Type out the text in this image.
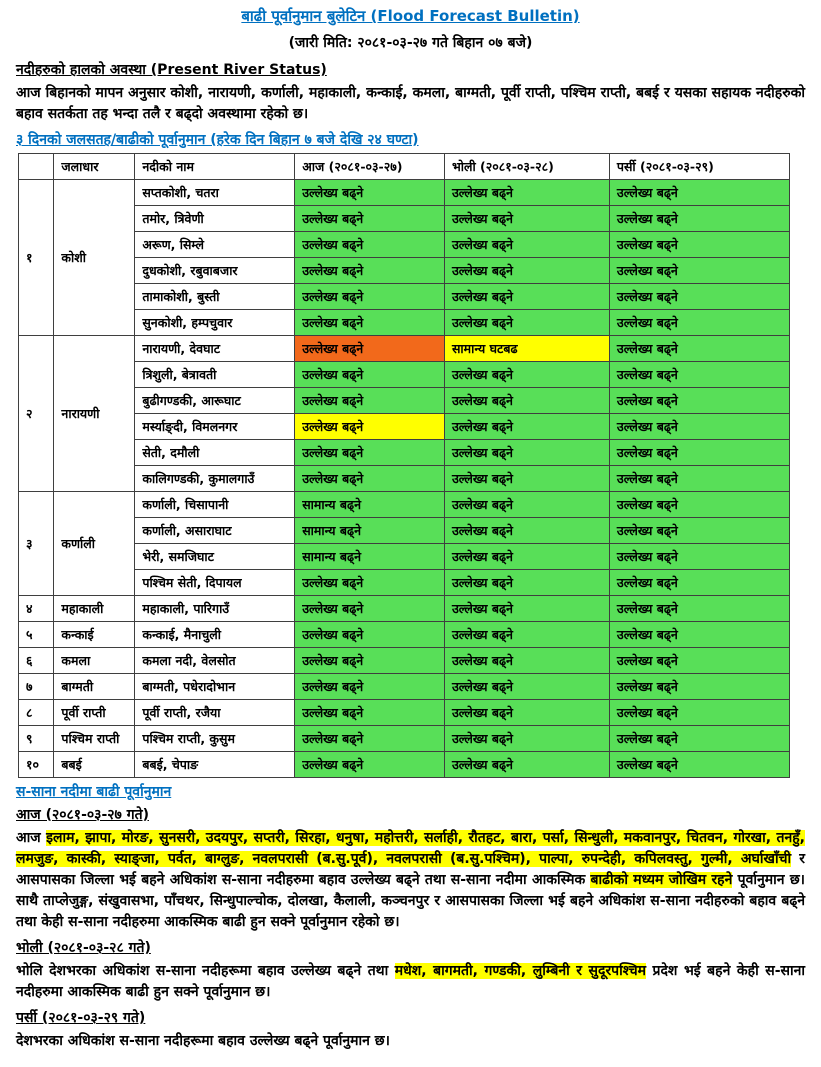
बाढी पूर्वानुमान बुलेटिन (Flood Forecast Bulletin)
(जारी मिति: २०८१-०३-२७ गते बिहान ०७ बजे)
नदीहरुको हालको अवस्था (Present River Status)
आज बिहानको मापन अनुसार कोशी, नारायणी, कर्णाली, महाकाली, कन्काई, कमला, बाग्मती, पूर्वी राप्ती, पश्चिम राप्ती, बबई र यसका सहायक नदीहरुको बहाव सतर्कता तह भन्दा तलै र बढ्दो अवस्थामा रहेको छ।
३ दिनको जलसतह/बाढीको पूर्वानुमान (हरेक दिन बिहान ७ बजे देखि २४ घण्टा)
	जलाधार	नदीको नाम	आज (२०८१-०३-२७)	भोली (२०८१-०३-२८)	पर्सी (२०८१-०३-२९)
१	कोशी	सप्तकोशी, चतरा	उल्लेख्य बढ्ने	उल्लेख्य बढ्ने	उल्लेख्य बढ्ने
		तमोर, त्रिवेणी	उल्लेख्य बढ्ने	उल्लेख्य बढ्ने	उल्लेख्य बढ्ने
		अरूण, सिम्ले	उल्लेख्य बढ्ने	उल्लेख्य बढ्ने	उल्लेख्य बढ्ने
		दुधकोशी, रबुवाबजार	उल्लेख्य बढ्ने	उल्लेख्य बढ्ने	उल्लेख्य बढ्ने
		तामाकोशी, बुस्ती	उल्लेख्य बढ्ने	उल्लेख्य बढ्ने	उल्लेख्य बढ्ने
		सुनकोशी, हम्पचुवार	उल्लेख्य बढ्ने	उल्लेख्य बढ्ने	उल्लेख्य बढ्ने
२	नारायणी	नारायणी, देवघाट	उल्लेख्य बढ्ने	सामान्य घटबढ	उल्लेख्य बढ्ने
		त्रिशुली, बेत्रावती	उल्लेख्य बढ्ने	उल्लेख्य बढ्ने	उल्लेख्य बढ्ने
		बुढीगण्डकी, आरूघाट	उल्लेख्य बढ्ने	उल्लेख्य बढ्ने	उल्लेख्य बढ्ने
		मर्स्याङ्दी, विमलनगर	उल्लेख्य बढ्ने	उल्लेख्य बढ्ने	उल्लेख्य बढ्ने
		सेती, दमौली	उल्लेख्य बढ्ने	उल्लेख्य बढ्ने	उल्लेख्य बढ्ने
		कालिगण्डकी, कुमालगाउँ	उल्लेख्य बढ्ने	उल्लेख्य बढ्ने	उल्लेख्य बढ्ने
३	कर्णाली	कर्णाली, चिसापानी	सामान्य बढ्ने	उल्लेख्य बढ्ने	उल्लेख्य बढ्ने
		कर्णाली, असाराघाट	सामान्य बढ्ने	उल्लेख्य बढ्ने	उल्लेख्य बढ्ने
		भेरी, समजिघाट	सामान्य बढ्ने	उल्लेख्य बढ्ने	उल्लेख्य बढ्ने
		पश्चिम सेती, दिपायल	उल्लेख्य बढ्ने	उल्लेख्य बढ्ने	उल्लेख्य बढ्ने
४	महाकाली	महाकाली, पारिगाउँ	उल्लेख्य बढ्ने	उल्लेख्य बढ्ने	उल्लेख्य बढ्ने
५	कन्काई	कन्काई, मैनाचुली	उल्लेख्य बढ्ने	उल्लेख्य बढ्ने	उल्लेख्य बढ्ने
६	कमला	कमला नदी, वेलसोत	उल्लेख्य बढ्ने	उल्लेख्य बढ्ने	उल्लेख्य बढ्ने
७	बाग्मती	बाग्मती, पधेरादोभान	उल्लेख्य बढ्ने	उल्लेख्य बढ्ने	उल्लेख्य बढ्ने
८	पूर्वी राप्ती	पूर्वी राप्ती, रजैया	उल्लेख्य बढ्ने	उल्लेख्य बढ्ने	उल्लेख्य बढ्ने
९	पश्चिम राप्ती	पश्चिम राप्ती, कुसुम	उल्लेख्य बढ्ने	उल्लेख्य बढ्ने	उल्लेख्य बढ्ने
१०	बबई	बबई, चेपाङ	उल्लेख्य बढ्ने	उल्लेख्य बढ्ने	उल्लेख्य बढ्ने
स-साना नदीमा बाढी पूर्वानुमान
आज (२०८१-०३-२७ गते)
आज इलाम, झापा, मोरङ, सुनसरी, उदयपुर, सप्तरी, सिरहा, धनुषा, महोत्तरी, सर्लाही, रौतहट, बारा, पर्सा, सिन्धुली, मकवानपुर, चितवन, गोरखा, तनहुँ, लमजुङ, कास्की, स्याङ्जा, पर्वत, बाग्लुङ, नवलपरासी (ब.सु.पूर्व), नवलपरासी (ब.सु.पश्चिम), पाल्पा, रुपन्देही, कपिलवस्तु, गुल्मी, अर्घाखाँची र आसपासका जिल्ला भई बहने अधिकांश स-साना नदीहरुमा बहाव उल्लेख्य बढ्ने तथा स-साना नदीमा आकस्मिक बाढीको मध्यम जोखिम रहने पूर्वानुमान छ। साथै ताप्लेजुङ्ग, संखुवासभा, पाँचथर, सिन्धुपाल्चोक, दोलखा, कैलाली, कञ्चनपुर र आसपासका जिल्ला भई बहने अधिकांश स-साना नदीहरुको बहाव बढ्ने तथा केही स-साना नदीहरुमा आकस्मिक बाढी हुन सक्ने पूर्वानुमान रहेको छ।
भोली (२०८१-०३-२८ गते)
भोलि देशभरका अधिकांश स-साना नदीहरूमा बहाव उल्लेख्य बढ्ने तथा मधेश, बागमती, गण्डकी, लुम्बिनी र सुदूरपश्चिम प्रदेश भई बहने केही स-साना नदीहरुमा आकस्मिक बाढी हुन सक्ने पूर्वानुमान छ।
पर्सी (२०८१-०३-२९ गते)
देशभरका अधिकांश स-साना नदीहरूमा बहाव उल्लेख्य बढ्ने पूर्वानुमान छ।
